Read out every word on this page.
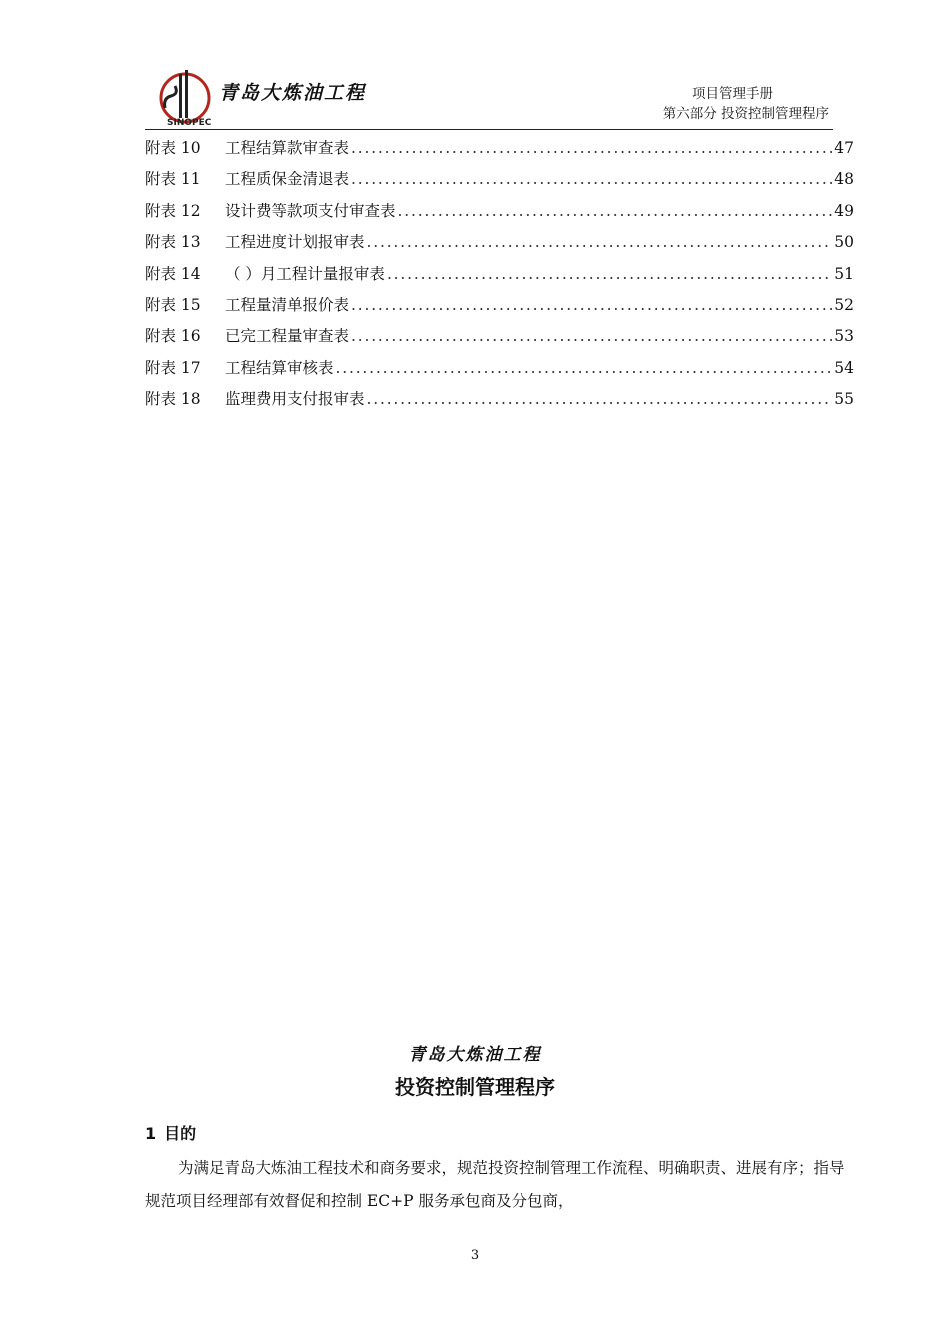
SINOPEC
青岛大炼油工程	项目管理手册
第六部分 投资控制管理程序
附表 10	工程结算款审查表 .....	47
附表 11	工程质保金清退表 .....	48
附表 12	设计费等款项支付审查表 .....	49
附表 13	工程进度计划报审表 .....	50
附表 14	（ ）月工程计量报审表 .....	51
附表 15	工程量清单报价表 .....	52
附表 16	已完工程量审查表 .....	53
附表 17	工程结算审核表 .....	54
附表 18	监理费用支付报审表 .....	55
青岛大炼油工程
投资控制管理程序
1 目的

为满足青岛大炼油工程技术和商务要求，规范投资控制管理工作流程、明确职责、进展有序；指导规范项目经理部有效督促和控制 EC+P 服务承包商及分包商，

3
